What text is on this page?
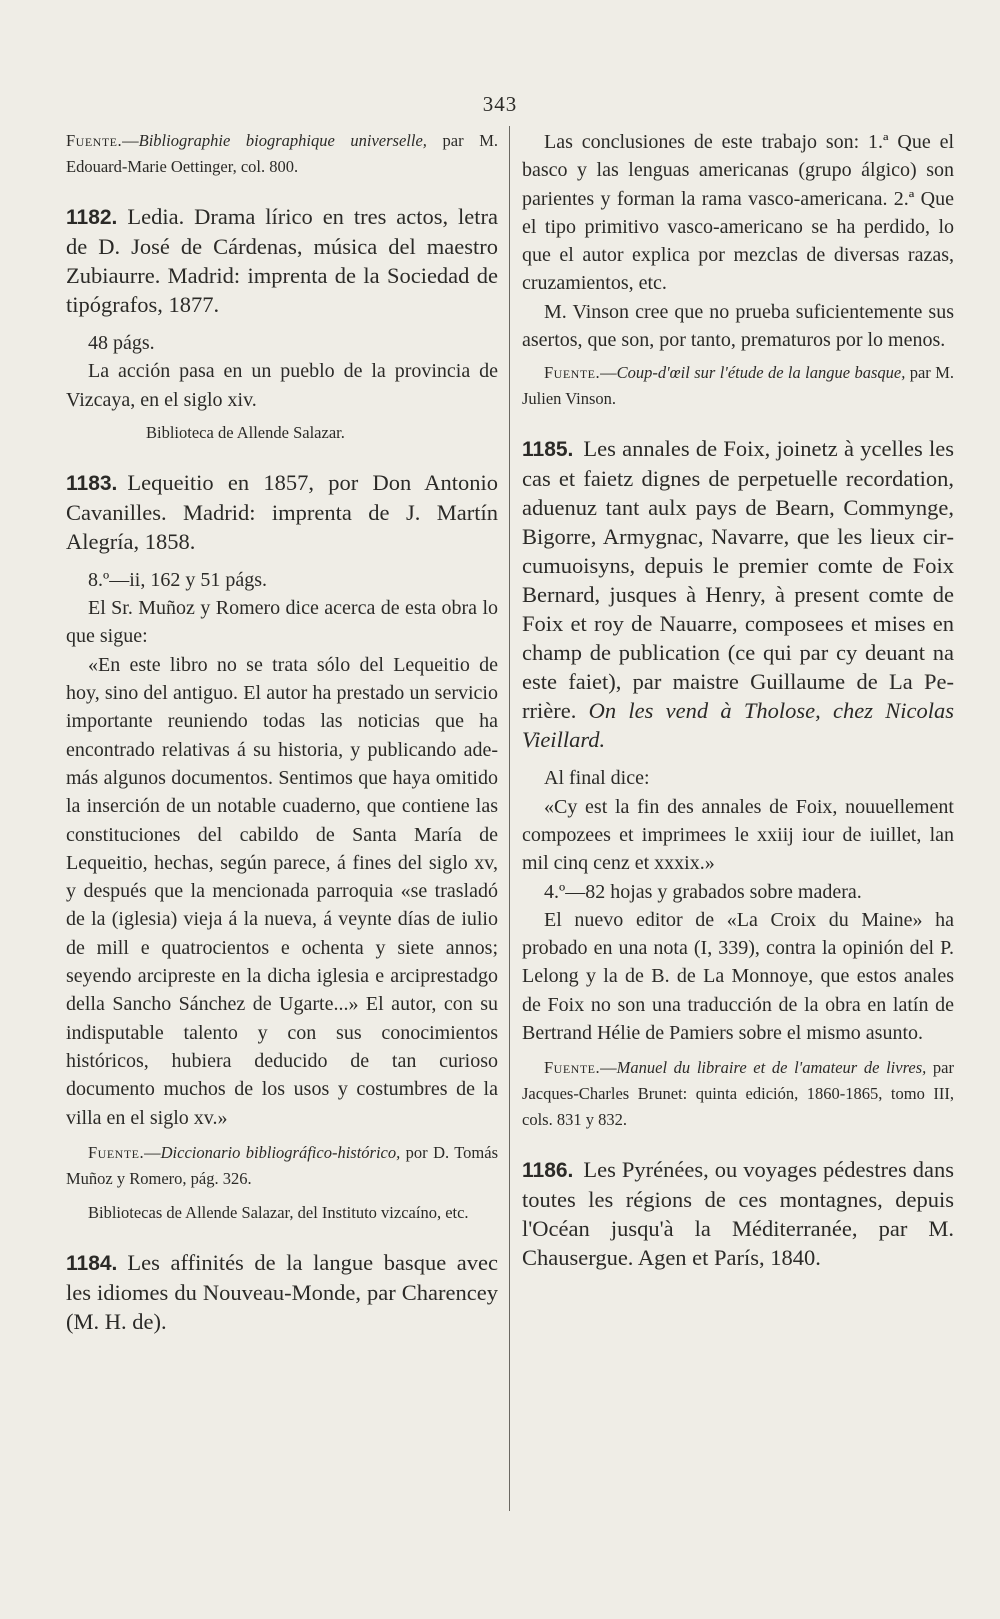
343

Fuente.—Bibliographie biographique universelle, par M. Edouard-Marie Oettinger, col. 800.

1182. Ledia. Drama lírico en tres actos, letra de D. José de Cárdenas, música del maestro Zubiaurre. Madrid: imprenta de la Sociedad de tipógrafos, 1877.

48 págs.

La acción pasa en un pueblo de la provincia de Vizcaya, en el siglo xiv.

Biblioteca de Allende Salazar.

1183. Lequeitio en 1857, por Don Antonio Cavanilles. Madrid: imprenta de J. Martín Alegría, 1858.

8.º—ii, 162 y 51 págs.

El Sr. Muñoz y Romero dice acerca de esta obra lo que sigue:

«En este libro no se trata sólo del Lequeitio de hoy, sino del antiguo. El autor ha prestado un servicio importante reuniendo todas las noticias que ha encontrado relativas á su historia, y publicando además algunos documentos. Sentimos que haya omitido la inserción de un notable cuaderno, que contiene las constituciones del cabildo de Santa María de Lequeitio, hechas, según parece, á fines del siglo xv, y después que la mencionada parroquia «se trasladó de la (iglesia) vieja á la nueva, á veynte días de iulio de mill e quatrocientos e ochenta y siete annos; seyendo arcipreste en la dicha iglesia e arciprestadgo della Sancho Sánchez de Ugarte...» El autor, con su indisputable talento y con sus conocimientos históricos, hubiera deducido de tan curioso documento muchos de los usos y costumbres de la villa en el siglo xv.»

Fuente.—Diccionario bibliográfico-histórico, por D. Tomás Muñoz y Romero, pág. 326.

Bibliotecas de Allende Salazar, del Instituto vizcaíno, etc.

1184. Les affinités de la langue basque avec les idiomes du Nouveau-Monde, par Charencey (M. H. de).

Las conclusiones de este trabajo son: 1.ª Que el basco y las lenguas americanas (grupo álgico) son parientes y forman la rama vasco-americana. 2.ª Que el tipo primitivo vasco-americano se ha perdido, lo que el autor explica por mezclas de diversas razas, cruzamientos, etc.

M. Vinson cree que no prueba suficientemente sus asertos, que son, por tanto, prematuros por lo menos.

Fuente.—Coup-d'œil sur l'étude de la langue basque, par M. Julien Vinson.

1185. Les annales de Foix, joinetz à ycelles les cas et faietz dignes de perpetuelle recordation, aduenuz tant aulx pays de Bearn, Commynge, Bigorre, Armygnac, Navarre, que les lieux circumuoisyns, depuis le premier comte de Foix Bernard, jusques à Henry, à present comte de Foix et roy de Nauarre, composees et mises en champ de publication (ce qui par cy deuant na este faiet), par maistre Guillaume de La Perrière. On les vend à Tholose, chez Nicolas Vieillard.

Al final dice:

«Cy est la fin des annales de Foix, nouuellement compozees et imprimees le xxiij iour de iuillet, lan mil cinq cenz et xxxix.»

4.º—82 hojas y grabados sobre madera.

El nuevo editor de «La Croix du Maine» ha probado en una nota (I, 339), contra la opinión del P. Lelong y la de B. de La Monnoye, que estos anales de Foix no son una traducción de la obra en latín de Bertrand Hélie de Pamiers sobre el mismo asunto.

Fuente.—Manuel du libraire et de l'amateur de livres, par Jacques-Charles Brunet: quinta edición, 1860-1865, tomo III, cols. 831 y 832.

1186. Les Pyrénées, ou voyages pédestres dans toutes les régions de ces montagnes, depuis l'Océan jusqu'à la Méditerranée, par M. Chausergue. Agen et París, 1840.
